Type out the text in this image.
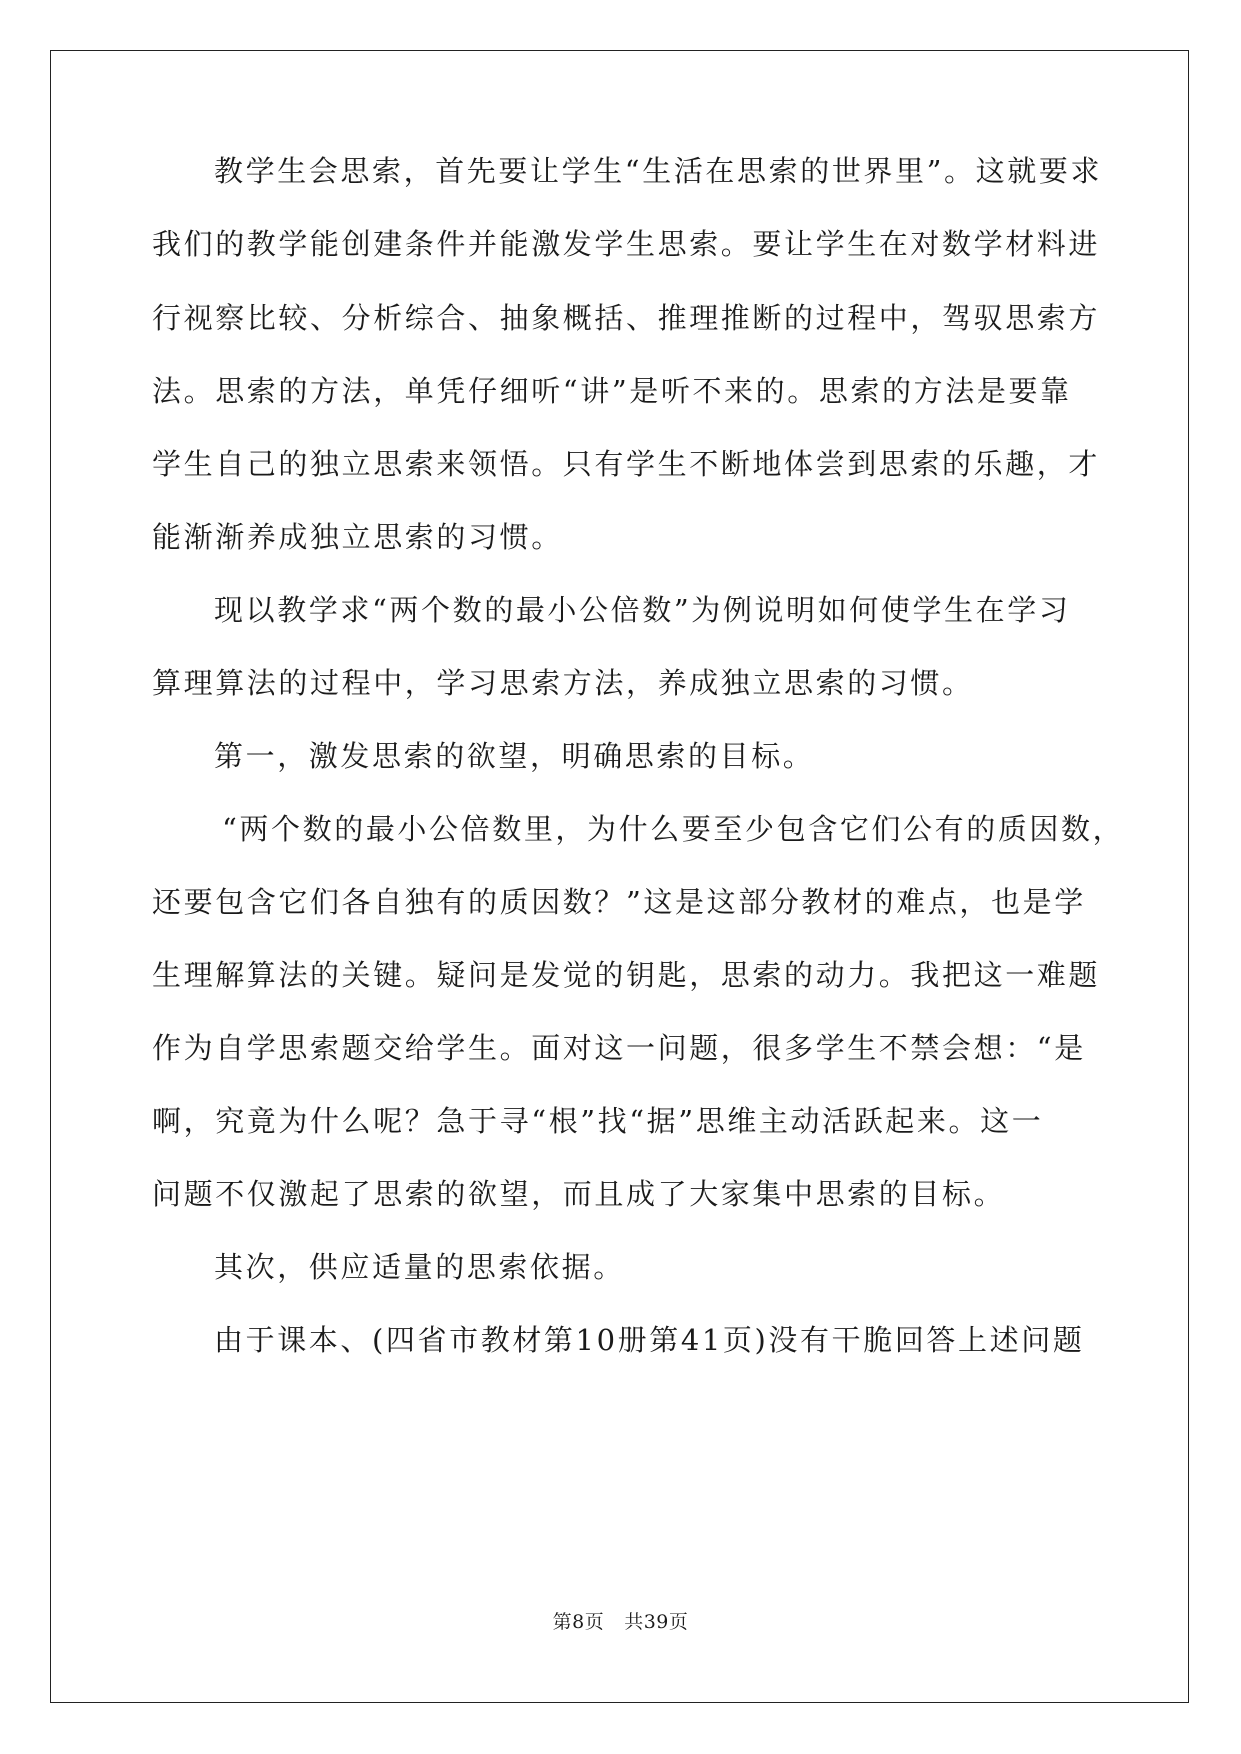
教学生会思索，首先要让学生“生活在思索的世界里”。这就要求
我们的教学能创建条件并能激发学生思索。要让学生在对数学材料进
行视察比较、分析综合、抽象概括、推理推断的过程中，驾驭思索方
法。思索的方法，单凭仔细听“讲”是听不来的。思索的方法是要靠
学生自己的独立思索来领悟。只有学生不断地体尝到思索的乐趣，才
能渐渐养成独立思索的习惯。
现以教学求“两个数的最小公倍数”为例说明如何使学生在学习
算理算法的过程中，学习思索方法，养成独立思索的习惯。
第一，激发思索的欲望，明确思索的目标。
“两个数的最小公倍数里，为什么要至少包含它们公有的质因数，
还要包含它们各自独有的质因数？”这是这部分教材的难点，也是学
生理解算法的关键。疑问是发觉的钥匙，思索的动力。我把这一难题
作为自学思索题交给学生。面对这一问题，很多学生不禁会想：“是
啊，究竟为什么呢？急于寻“根”找“据”思维主动活跃起来。这一
问题不仅激起了思索的欲望，而且成了大家集中思索的目标。
其次，供应适量的思索依据。
由于课本、(四省市教材第10册第41页)没有干脆回答上述问题
第8页 共39页
